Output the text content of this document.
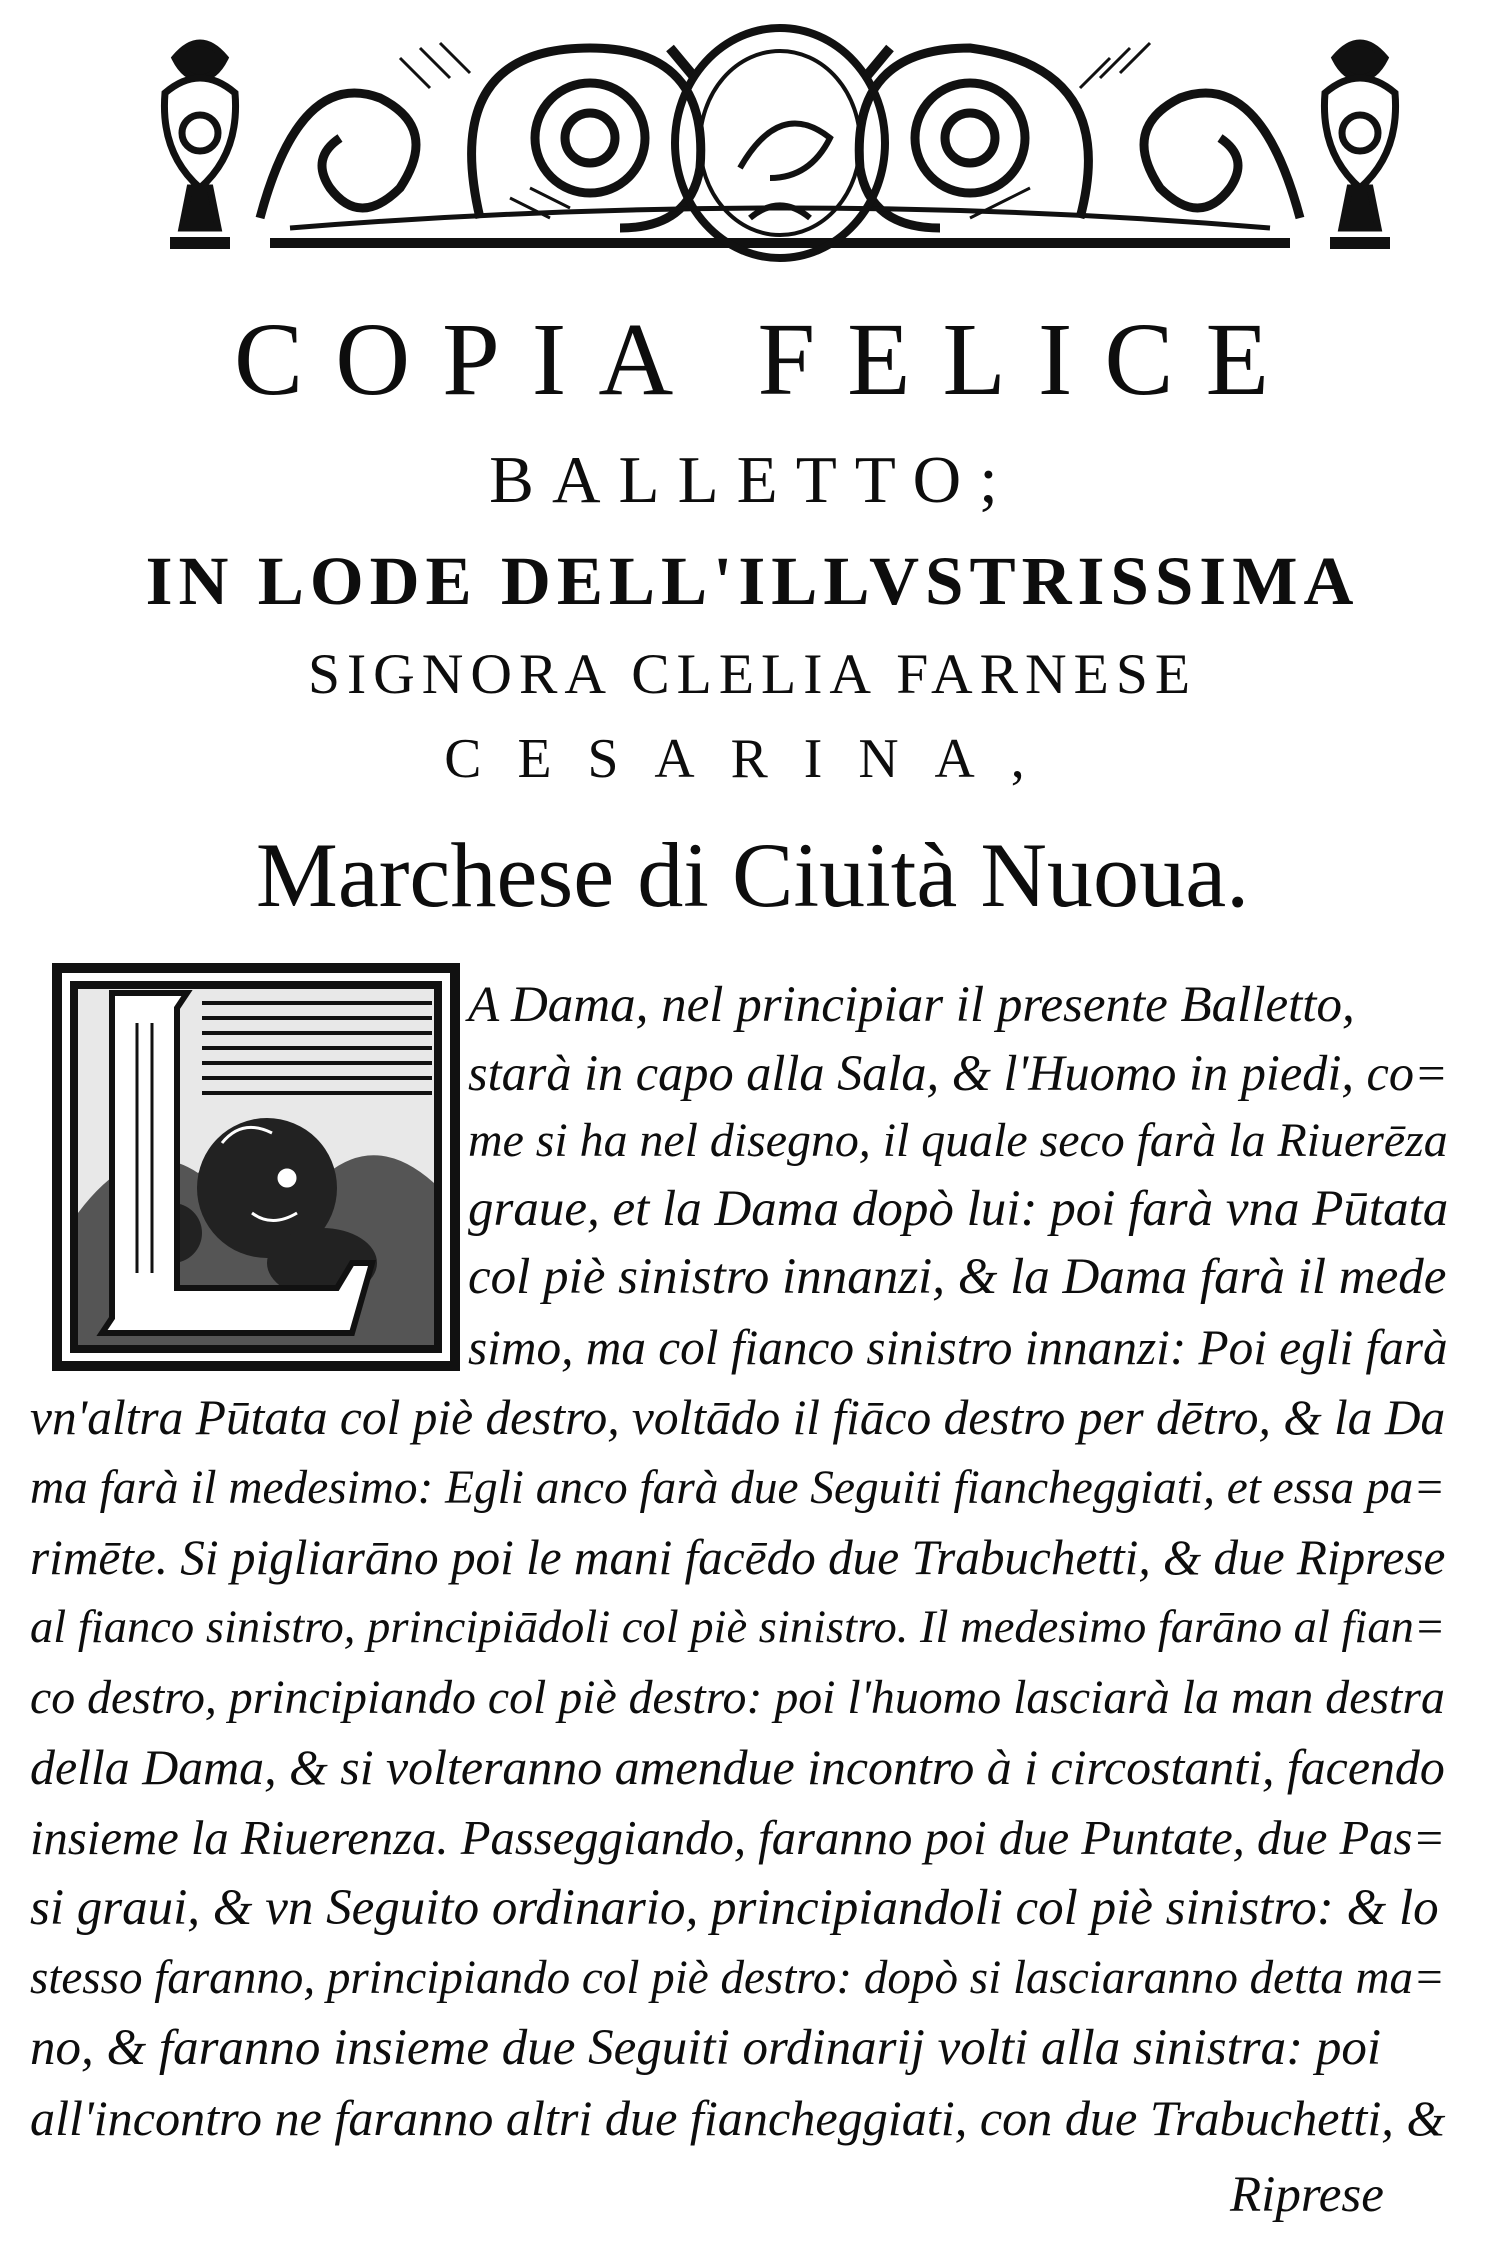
COPIA FELICE
BALLETTO;
IN LODE DELL'ILLVSTRISSIMA
SIGNORA CLELIA FARNESE
CESARINA,
Marchese di Ciuità Nuoua.
A Dama, nel principiar il presente Balletto,
starà in capo alla Sala, & l'Huomo in piedi, co=
me si ha nel disegno, il quale seco farà la Riuerēza
graue, et la Dama dopò lui: poi farà vna Pūtata
col piè sinistro innanzi, & la Dama farà il mede
simo, ma col fianco sinistro innanzi: Poi egli farà
vn'altra Pūtata col piè destro, voltādo il fiāco destro per dētro, & la Da
ma farà il medesimo: Egli anco farà due Seguiti fiancheggiati, et essa pa=
rimēte. Si pigliarāno poi le mani facēdo due Trabuchetti, & due Riprese
al fianco sinistro, principiādoli col piè sinistro. Il medesimo farāno al fian=
co destro, principiando col piè destro: poi l'huomo lasciarà la man destra
della Dama, & si volteranno amendue incontro à i circostanti, facendo
insieme la Riuerenza. Passeggiando, faranno poi due Puntate, due Pas=
si graui, & vn Seguito ordinario, principiandoli col piè sinistro: & lo
stesso faranno, principiando col piè destro: dopò si lasciaranno detta ma=
no, & faranno insieme due Seguiti ordinarij volti alla sinistra: poi
all'incontro ne faranno altri due fiancheggiati, con due Trabuchetti, &
Riprese
